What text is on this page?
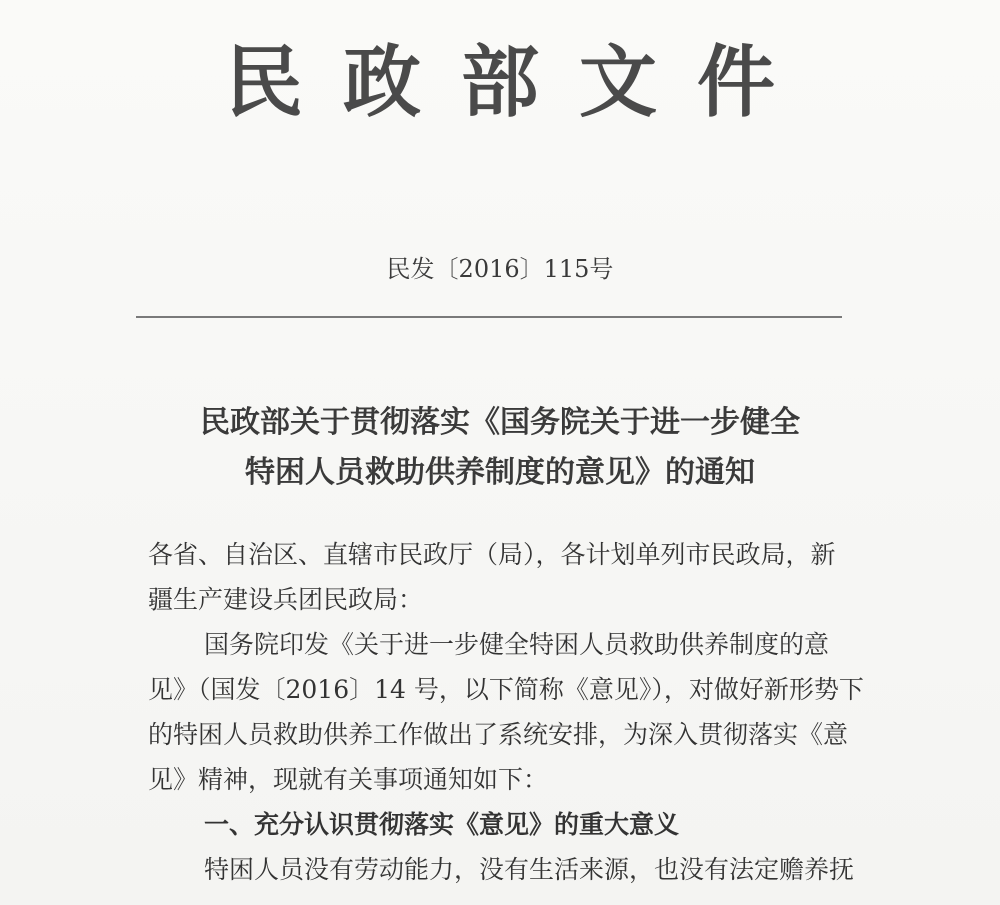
民政部文件
民发〔2016〕115号
民政部关于贯彻落实《国务院关于进一步健全
特困人员救助供养制度的意见》的通知

各省、自治区、直辖市民政厅（局），各计划单列市民政局，新

疆生产建设兵团民政局：

国务院印发《关于进一步健全特困人员救助供养制度的意

见》（国发〔2016〕14 号，以下简称《意见》），对做好新形势下

的特困人员救助供养工作做出了系统安排，为深入贯彻落实《意

见》精神，现就有关事项通知如下：

一、充分认识贯彻落实《意见》的重大意义

特困人员没有劳动能力，没有生活来源，也没有法定赡养抚
